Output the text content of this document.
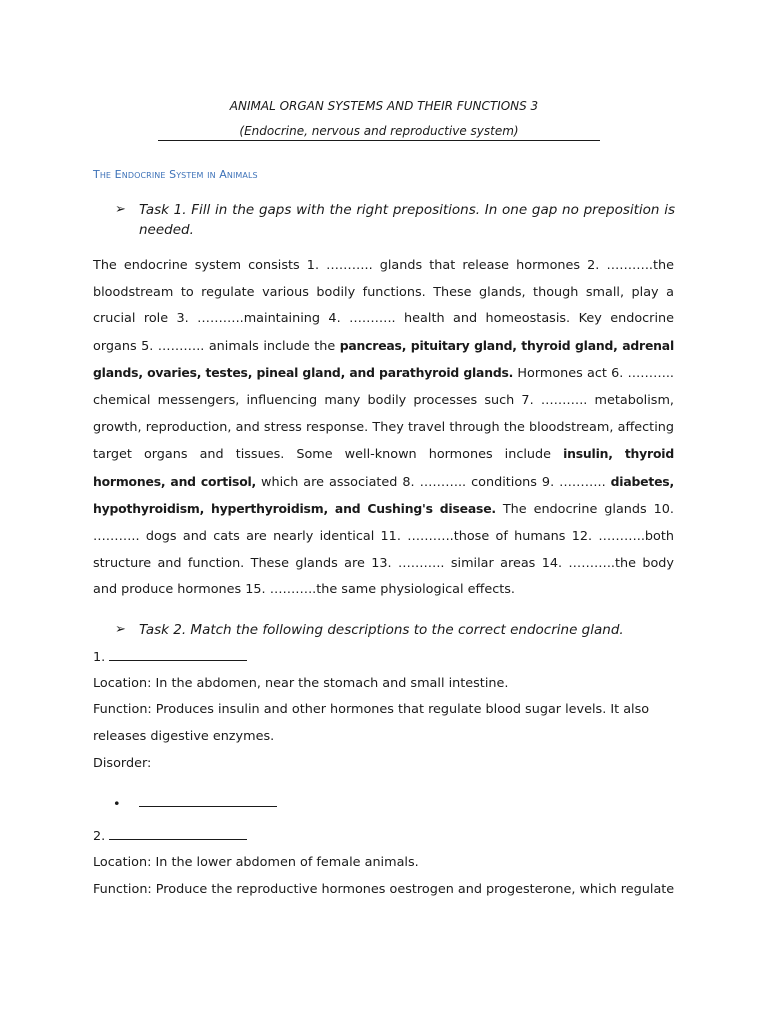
ANIMAL ORGAN SYSTEMS AND THEIR FUNCTIONS 3
(Endocrine, nervous and reproductive system)
The Endocrine System in Animals
➢ Task 1. Fill in the gaps with the right prepositions. In one gap no preposition is needed.
The endocrine system consists 1. ……….. glands that release hormones 2. ………..the bloodstream to regulate various bodily functions. These glands, though small, play a crucial role 3. ………..maintaining 4. ……….. health and homeostasis. Key endocrine organs 5. ……….. animals include the pancreas, pituitary gland, thyroid gland, adrenal glands, ovaries, testes, pineal gland, and parathyroid glands. Hormones act 6. ……….. chemical messengers, influencing many bodily processes such 7. ……….. metabolism, growth, reproduction, and stress response. They travel through the bloodstream, affecting target organs and tissues. Some well-known hormones include insulin, thyroid hormones, and cortisol, which are associated 8. ……….. conditions 9. ……….. diabetes, hypothyroidism, hyperthyroidism, and Cushing's disease. The endocrine glands 10. ……….. dogs and cats are nearly identical 11. ………..those of humans 12. ………..both structure and function. These glands are 13. ……….. similar areas 14. ………..the body and produce hormones 15. ………..the same physiological effects.
➢ Task 2. Match the following descriptions to the correct endocrine gland.
1.
Location: In the abdomen, near the stomach and small intestine.
Function: Produces insulin and other hormones that regulate blood sugar levels. It also
releases digestive enzymes.
Disorder:
•
2.
Location: In the lower abdomen of female animals.
Function: Produce the reproductive hormones oestrogen and progesterone, which regulate
